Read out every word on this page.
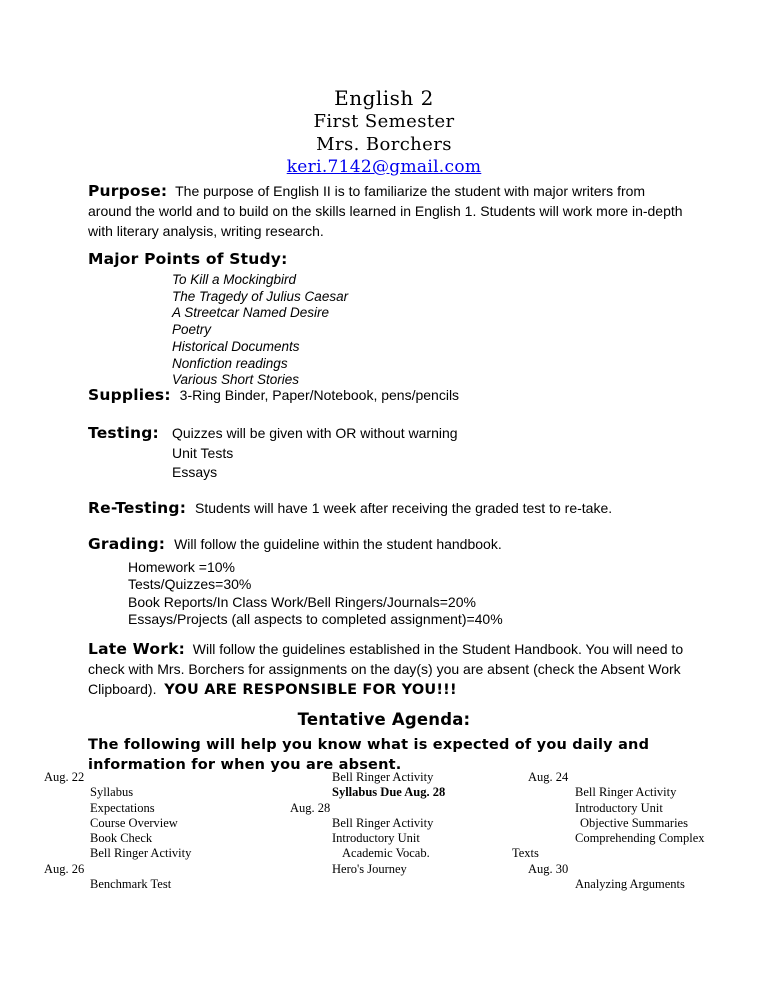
English 2
First Semester
Mrs. Borchers
keri.7142@gmail.com
Purpose: The purpose of English II is to familiarize the student with major writers from around the world and to build on the skills learned in English 1. Students will work more in-depth with literary analysis, writing research.
Major Points of Study:
To Kill a Mockingbird
The Tragedy of Julius Caesar
A Streetcar Named Desire
Poetry
Historical Documents
Nonfiction readings
Various Short Stories
Supplies: 3-Ring Binder, Paper/Notebook, pens/pencils
Testing: Quizzes will be given with OR without warning
Unit Tests
Essays
Re-Testing: Students will have 1 week after receiving the graded test to re-take.
Grading: Will follow the guideline within the student handbook.
Homework =10%
Tests/Quizzes=30%
Book Reports/In Class Work/Bell Ringers/Journals=20%
Essays/Projects (all aspects to completed assignment)=40%
Late Work: Will follow the guidelines established in the Student Handbook. You will need to check with Mrs. Borchers for assignments on the day(s) you are absent (check the Absent Work Clipboard).  YOU ARE RESPONSIBLE FOR YOU!!!
Tentative Agenda:
The following will help you know what is expected of you daily and information for when you are absent.
Aug. 22
Syllabus
Expectations
Course Overview
Book Check
Bell Ringer Activity
Aug. 26
Benchmark Test
Bell Ringer Activity
Syllabus Due Aug. 28
Aug. 28
Bell Ringer Activity
Introductory Unit
Academic Vocab.
Hero's Journey
Aug. 24
Bell Ringer Activity
Introductory Unit
Objective Summaries
Comprehending Complex
Texts
Aug. 30
Analyzing Arguments
